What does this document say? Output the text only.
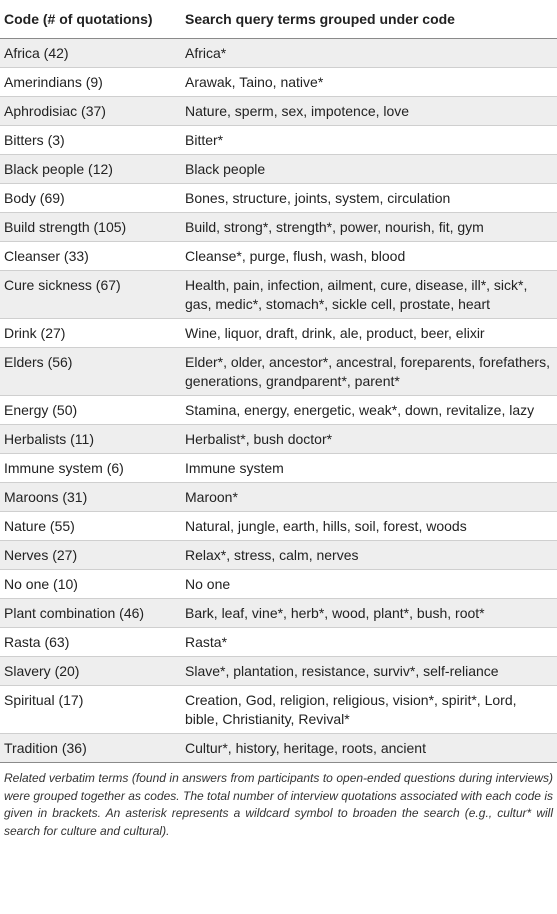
Code (# of quotations)	Search query terms grouped under code
Africa (42)	Africa*
Amerindians (9)	Arawak, Taino, native*
Aphrodisiac (37)	Nature, sperm, sex, impotence, love
Bitters (3)	Bitter*
Black people (12)	Black people
Body (69)	Bones, structure, joints, system, circulation
Build strength (105)	Build, strong*, strength*, power, nourish, fit, gym
Cleanser (33)	Cleanse*, purge, flush, wash, blood
Cure sickness (67)	Health, pain, infection, ailment, cure, disease, ill*, sick*, gas, medic*, stomach*, sickle cell, prostate, heart
Drink (27)	Wine, liquor, draft, drink, ale, product, beer, elixir
Elders (56)	Elder*, older, ancestor*, ancestral, foreparents, forefathers, generations, grandparent*, parent*
Energy (50)	Stamina, energy, energetic, weak*, down, revitalize, lazy
Herbalists (11)	Herbalist*, bush doctor*
Immune system (6)	Immune system
Maroons (31)	Maroon*
Nature (55)	Natural, jungle, earth, hills, soil, forest, woods
Nerves (27)	Relax*, stress, calm, nerves
No one (10)	No one
Plant combination (46)	Bark, leaf, vine*, herb*, wood, plant*, bush, root*
Rasta (63)	Rasta*
Slavery (20)	Slave*, plantation, resistance, surviv*, self-reliance
Spiritual (17)	Creation, God, religion, religious, vision*, spirit*, Lord, bible, Christianity, Revival*
Tradition (36)	Cultur*, history, heritage, roots, ancient
Related verbatim terms (found in answers from participants to open-ended questions during interviews) were grouped together as codes. The total number of interview quotations associated with each code is given in brackets. An asterisk represents a wildcard symbol to broaden the search (e.g., cultur* will search for culture and cultural).
